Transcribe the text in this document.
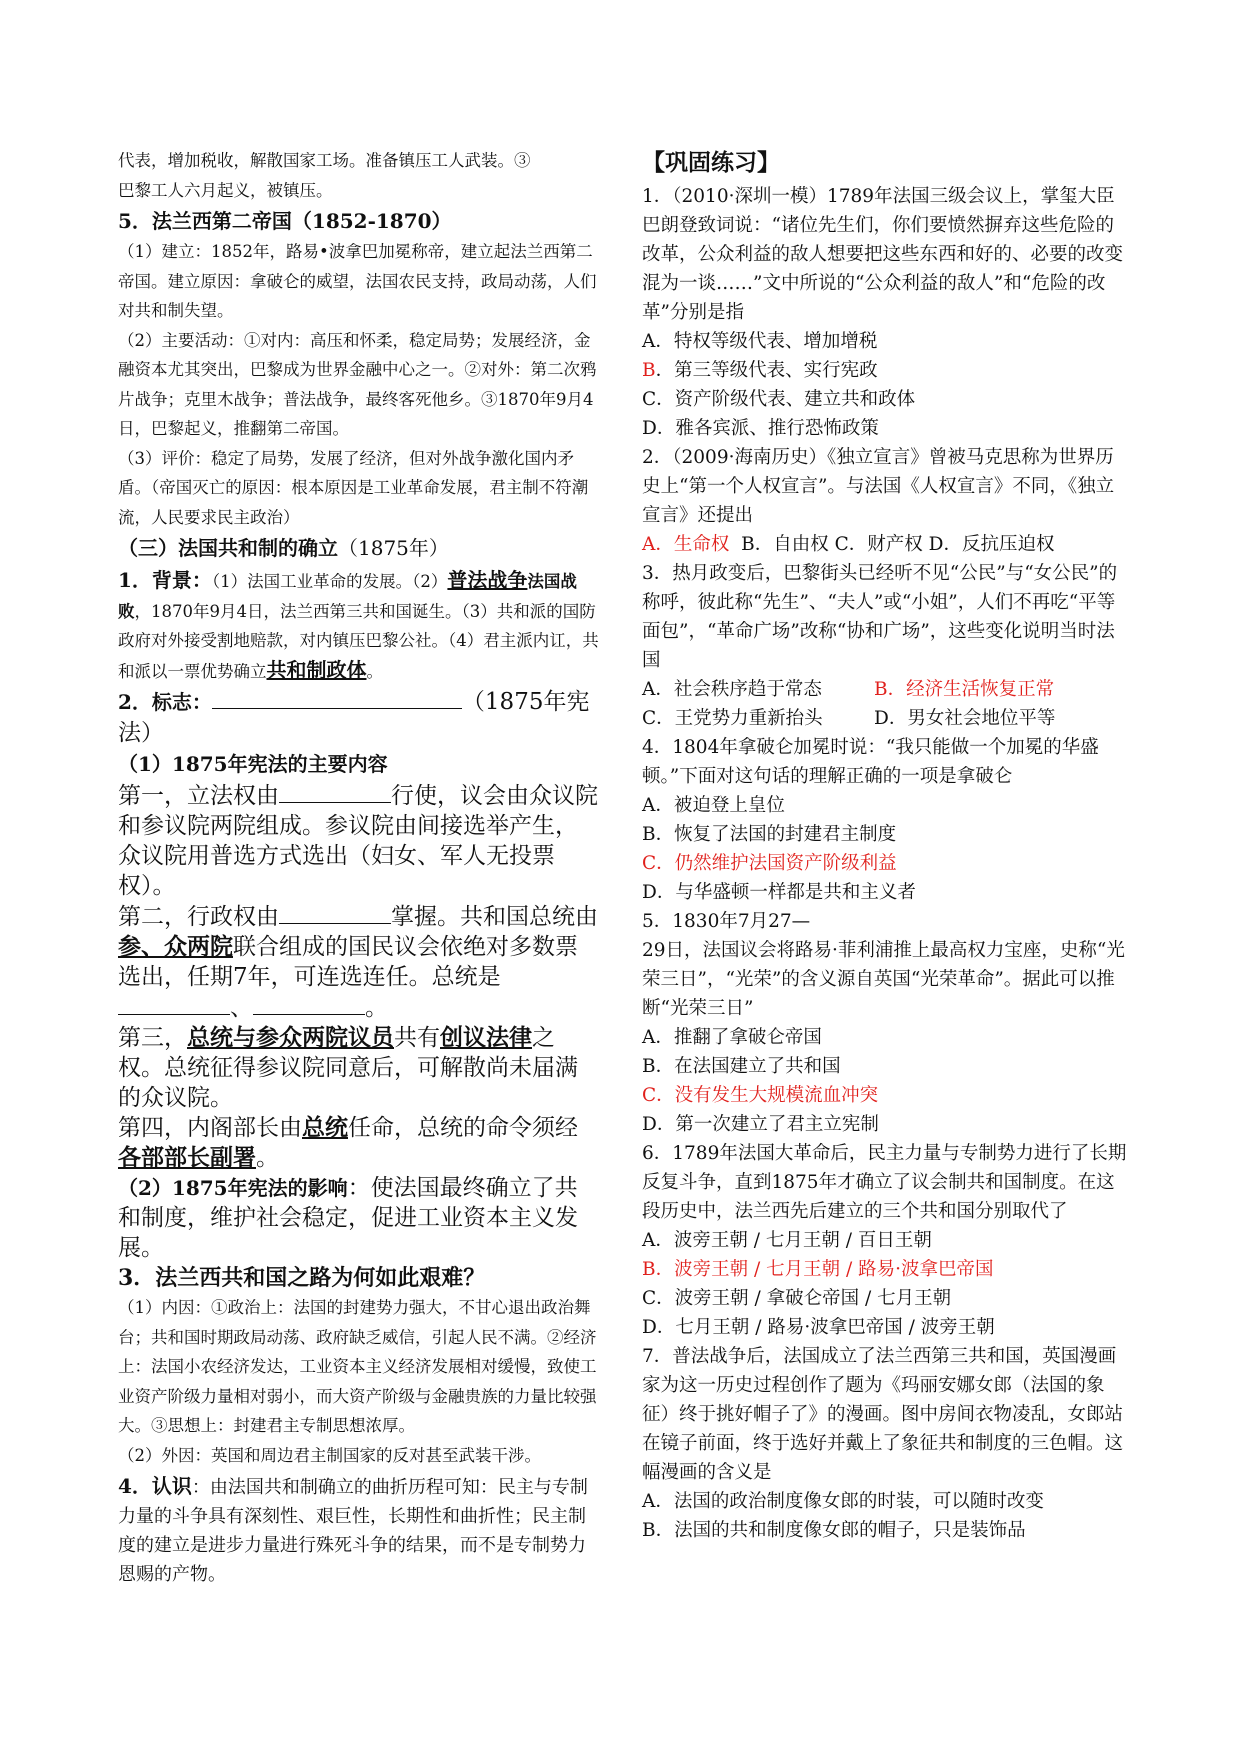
代表，增加税收，解散国家工场。准备镇压工人武装。③

巴黎工人六月起义，被镇压。

5．法兰西第二帝国（1852-1870）

（1）建立：1852年，路易•波拿巴加冕称帝，建立起法兰西第二帝国。建立原因：拿破仑的威望，法国农民支持，政局动荡，人们对共和制失望。

（2）主要活动：①对内：高压和怀柔，稳定局势；发展经济，金融资本尤其突出，巴黎成为世界金融中心之一。②对外：第二次鸦片战争；克里木战争；普法战争，最终客死他乡。③1870年9月4日，巴黎起义，推翻第二帝国。

（3）评价：稳定了局势，发展了经济，但对外战争激化国内矛盾。（帝国灭亡的原因：根本原因是工业革命发展，君主制不符潮流，人民要求民主政治）

（三）法国共和制的确立（1875年）

1．背景：（1）法国工业革命的发展。（2）普法战争法国战败，1870年9月4日，法兰西第三共和国诞生。（3）共和派的国防政府对外接受割地赔款，对内镇压巴黎公社。（4）君主派内讧，共和派以一票优势确立共和制政体。

2．标志：	（1875年宪法）

（1）1875年宪法的主要内容

第一，立法权由	行使，议会由众议院和参议院两院组成。参议院由间接选举产生，众议院用普选方式选出（妇女、军人无投票权）。

第二，行政权由	掌握。共和国总统由参、众两院联合组成的国民议会依绝对多数票选出，任期7年，可连选连任。总统是、	。

第三，总统与参众两院议员共有创议法律之权。总统征得参议院同意后，可解散尚未届满的众议院。

第四，内阁部长由总统任命，总统的命令须经各部部长副署。

（2）1875年宪法的影响：使法国最终确立了共和制度，维护社会稳定，促进工业资本主义发展。

3．法兰西共和国之路为何如此艰难？

（1）内因：①政治上：法国的封建势力强大，不甘心退出政治舞台；共和国时期政局动荡、政府缺乏威信，引起人民不满。②经济上：法国小农经济发达，工业资本主义经济发展相对缓慢，致使工业资产阶级力量相对弱小，而大资产阶级与金融贵族的力量比较强大。③思想上：封建君主专制思想浓厚。

（2）外因：英国和周边君主制国家的反对甚至武装干涉。

4．认识：由法国共和制确立的曲折历程可知：民主与专制力量的斗争具有深刻性、艰巨性，长期性和曲折性；民主制度的建立是进步力量进行殊死斗争的结果，而不是专制势力恩赐的产物。

【巩固练习】

1．（2010·深圳一模）1789年法国三级会议上，掌玺大臣巴朗登致词说：“诸位先生们，你们要愤然摒弃这些危险的改革，公众利益的敌人想要把这些东西和好的、必要的改变混为一谈……”文中所说的“公众利益的敌人”和“危险的改革”分别是指

A．特权等级代表、增加增税

B．第三等级代表、实行宪政

C．资产阶级代表、建立共和政体

D．雅各宾派、推行恐怖政策

2．（2009·海南历史）《独立宣言》曾被马克思称为世界历史上“第一个人权宣言”。与法国《人权宣言》不同，《独立宣言》还提出

A．生命权 B．自由权 C．财产权 D．反抗压迫权

3．热月政变后，巴黎街头已经听不见“公民”与“女公民”的称呼，彼此称“先生”、“夫人”或“小姐”，人们不再吃“平等面包”，“革命广场”改称“协和广场”，这些变化说明当时法国

A．社会秩序趋于常态	B．经济生活恢复正常

C．王党势力重新抬头	D．男女社会地位平等

4．1804年拿破仑加冕时说：“我只能做一个加冕的华盛顿。”下面对这句话的理解正确的一项是拿破仑

A．被迫登上皇位

B．恢复了法国的封建君主制度

C．仍然维护法国资产阶级利益

D．与华盛顿一样都是共和主义者

5．1830年7月27—

29日，法国议会将路易·菲利浦推上最高权力宝座，史称“光荣三日”，“光荣”的含义源自英国“光荣革命”。据此可以推断“光荣三日”

A．推翻了拿破仑帝国

B．在法国建立了共和国

C．没有发生大规模流血冲突

D．第一次建立了君主立宪制

6．1789年法国大革命后，民主力量与专制势力进行了长期反复斗争，直到1875年才确立了议会制共和国制度。在这段历史中，法兰西先后建立的三个共和国分别取代了

A．波旁王朝 / 七月王朝 / 百日王朝

B．波旁王朝 / 七月王朝 / 路易·波拿巴帝国

C．波旁王朝 / 拿破仑帝国 / 七月王朝

D．七月王朝 / 路易·波拿巴帝国 / 波旁王朝

7．普法战争后，法国成立了法兰西第三共和国，英国漫画家为这一历史过程创作了题为《玛丽安娜女郎（法国的象征）终于挑好帽子了》的漫画。图中房间衣物凌乱，女郎站在镜子前面，终于选好并戴上了象征共和制度的三色帽。这幅漫画的含义是

A．法国的政治制度像女郎的时装，可以随时改变

B．法国的共和制度像女郎的帽子，只是装饰品
